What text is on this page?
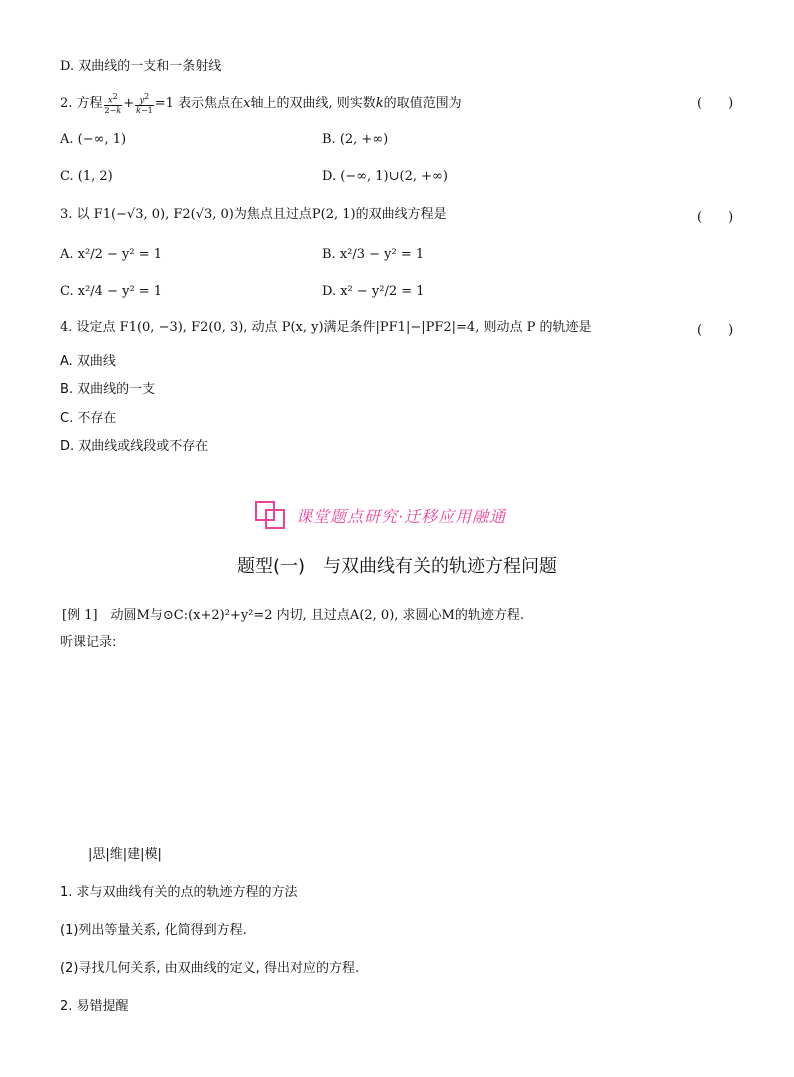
D. 双曲线的一支和一条射线
2. 方程 $\frac{x^2}{2-k} + \frac{y^2}{k-1} =1$ 表示焦点在x轴上的双曲线, 则实数k的取值范围为	(　　)
A. (−∞, 1)	B. (2, +∞)
C. (1, 2)	D. (−∞, 1)∪(2, +∞)
3. 以 F1(−√3, 0), F2(√3, 0)为焦点且过点P(2, 1)的双曲线方程是	(　　)
A. x²/2 − y² = 1	B. x²/3 − y² = 1
C. x²/4 − y² = 1	D. x² − y²/2 = 1
4. 设定点 F1(0, −3), F2(0, 3), 动点 P(x, y)满足条件|PF1|−|PF2|=4, 则动点 P 的轨迹是	(　　)
A. 双曲线
B. 双曲线的一支
C. 不存在
D. 双曲线或线段或不存在
课堂题点研究·迁移应用融通
题型(一)　与双曲线有关的轨迹方程问题
[例 1]　动圆M与⊙C:(x+2)²+y²=2 内切, 且过点A(2, 0), 求圆心M的轨迹方程.
听课记录:
|思|维|建|模|
1. 求与双曲线有关的点的轨迹方程的方法
(1)列出等量关系, 化简得到方程.
(2)寻找几何关系, 由双曲线的定义, 得出对应的方程.
2. 易错提醒
